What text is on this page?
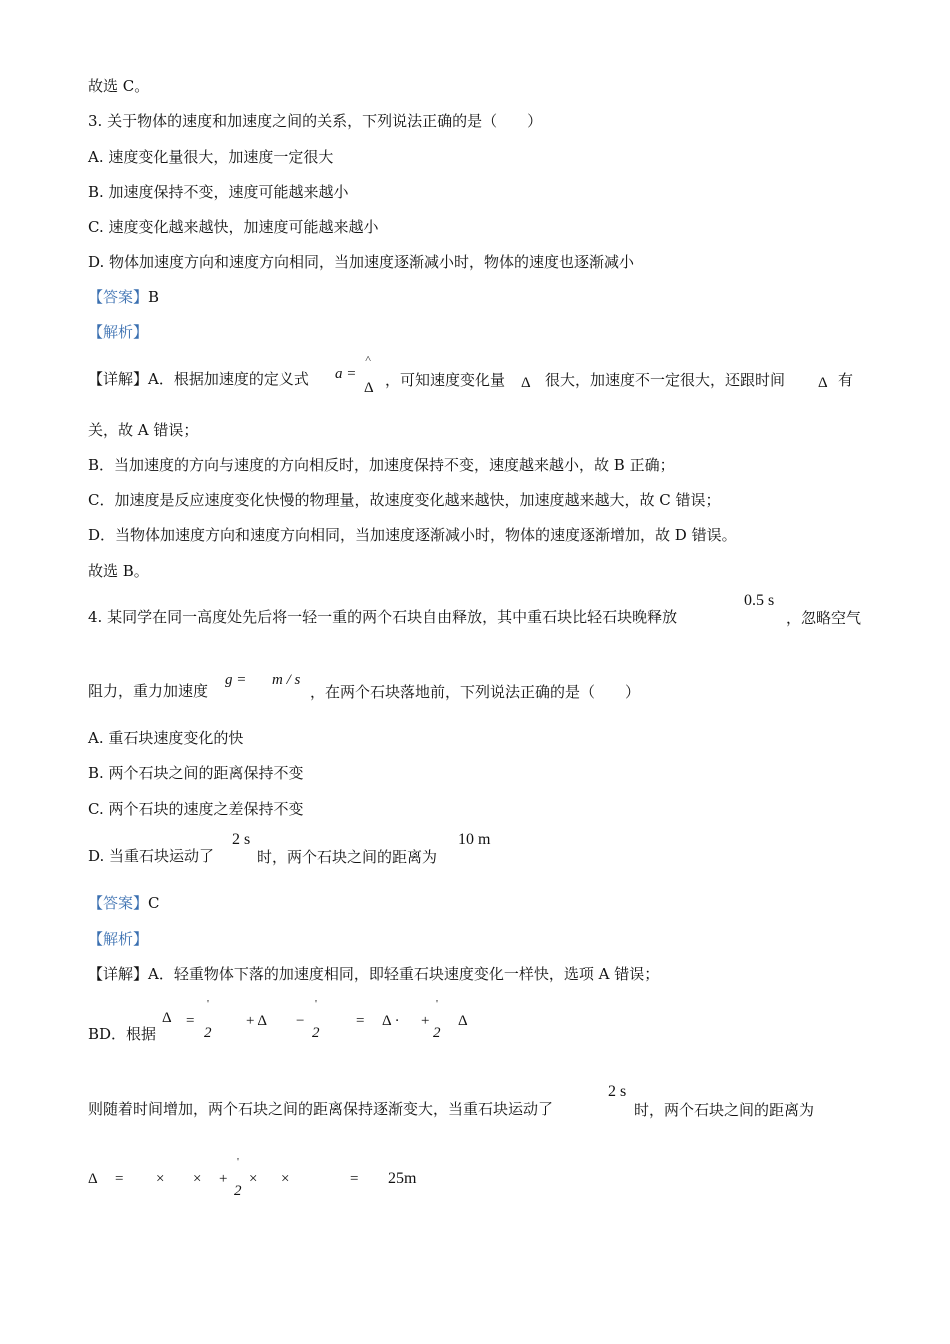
故选 C。
3. 关于物体的速度和加速度之间的关系，下列说法正确的是（　　）
A. 速度变化量很大，加速度一定很大
B. 加速度保持不变，速度可能越来越小
C. 速度变化越来越快，加速度可能越来越小
D. 物体加速度方向和速度方向相同，当加速度逐渐减小时，物体的速度也逐渐减小
【答案】B
【解析】
【详解】A．根据加速度的定义式 a =
˄
Δ ，可知速度变化量 Δ 很大，加速度不一定很大，还跟时间 Δ 有
关，故 A 错误；
B．当加速度的方向与速度的方向相反时，加速度保持不变，速度越来越小，故 B 正确；
C．加速度是反应速度变化快慢的物理量，故速度变化越来越快，加速度越来越大，故 C 错误；
D．当物体加速度方向和速度方向相同，当加速度逐渐减小时，物体的速度逐渐增加，故 D 错误。
故选 B。
4. 某同学在同一高度处先后将一轻一重的两个石块自由释放，其中重石块比轻石块晚释放
0.5 s
，忽略空气
阻力，重力加速度
g = m / s
，在两个石块落地前，下列说法正确的是（　　）
A. 重石块速度变化的快
B. 两个石块之间的距离保持不变
C. 两个石块的速度之差保持不变
D. 当重石块运动了
2 s
时，两个石块之间的距离为
10 m
【答案】C
【解析】
【详解】A．轻重物体下落的加速度相同，即轻重石块速度变化一样快，选项 A 错误；
BD．根据
Δ =
'
2
+ Δ −
'
2
= Δ · +
'
2
Δ
则随着时间增加，两个石块之间的距离保持逐渐变大，当重石块运动了
2 s
时，两个石块之间的距离为
Δ = × × +
'
2
× ×	= 25m
